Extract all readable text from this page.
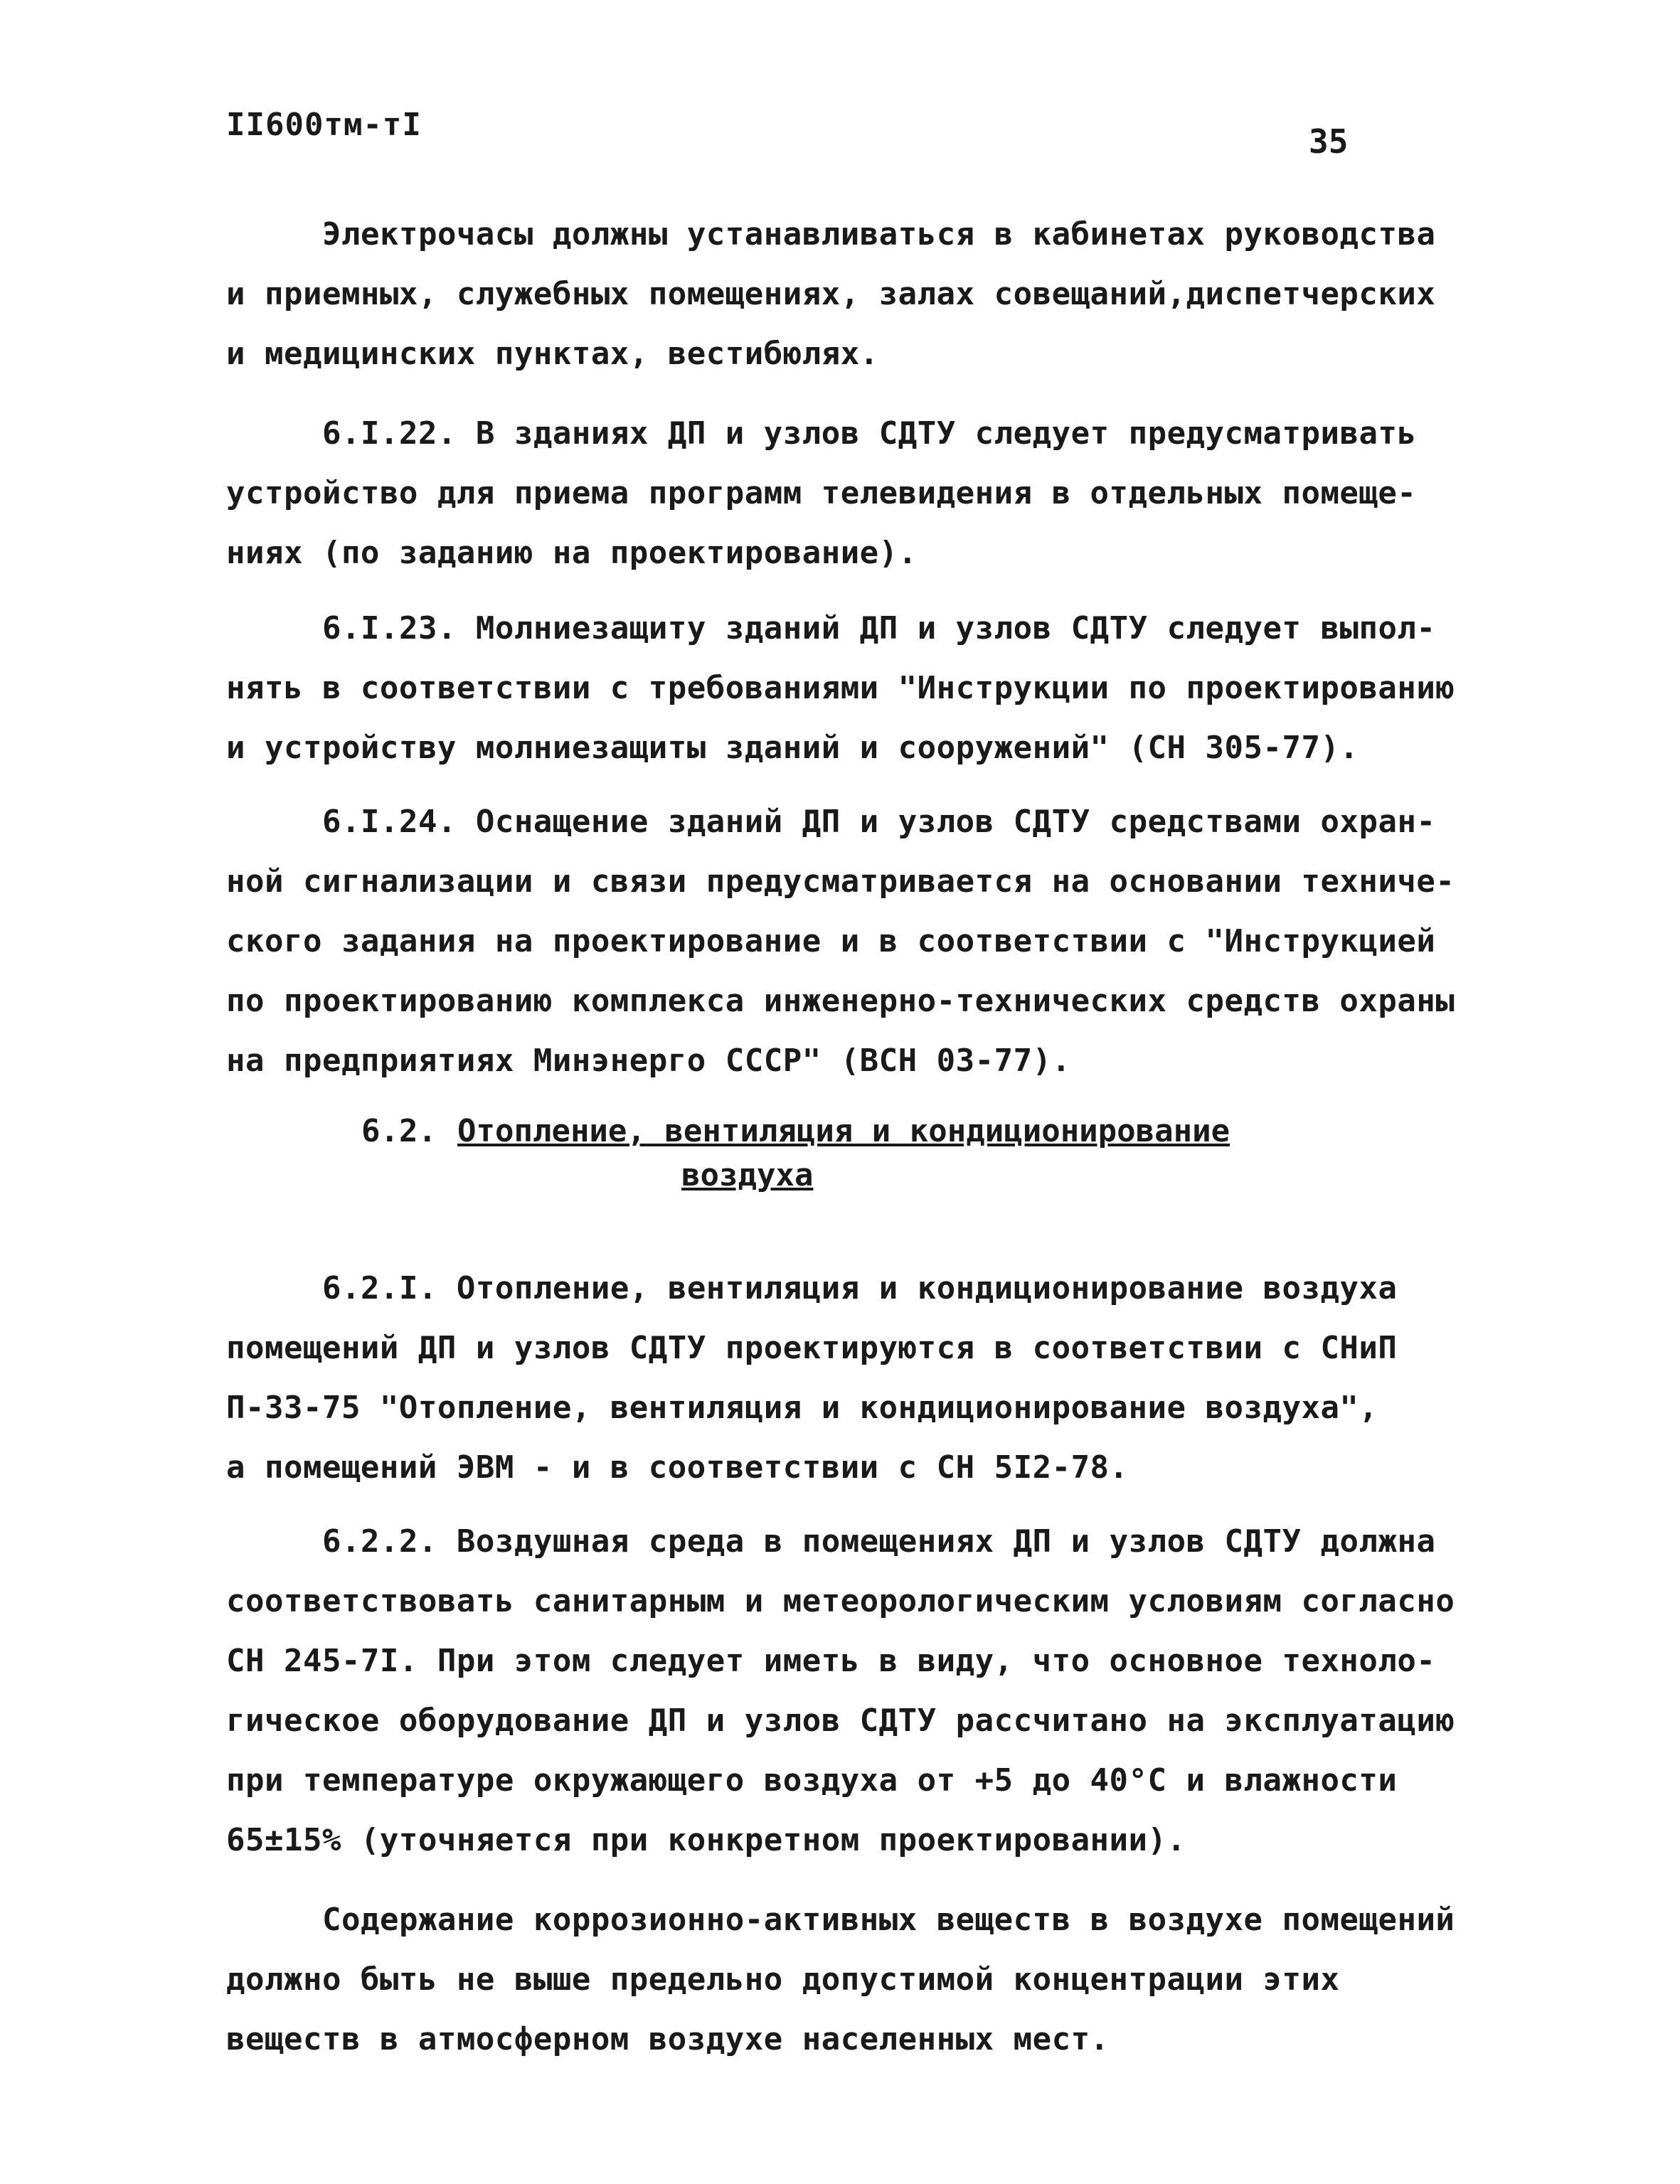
II600тм-тI	35
Электрочасы должны устанавливаться в кабинетах руководства
и приемных, служебных помещениях, залах совещаний,диспетчерских
и медицинских пунктах, вестибюлях.
6.I.22. В зданиях ДП и узлов СДТУ следует предусматривать
устройство для приема программ телевидения в отдельных помеще-
ниях (по заданию на проектирование).
6.I.23. Молниезащиту зданий ДП и узлов СДТУ следует выпол-
нять в соответствии с требованиями "Инструкции по проектированию
и устройству молниезащиты зданий и сооружений" (СН 305-77).
6.I.24. Оснащение зданий ДП и узлов СДТУ средствами охран-
ной сигнализации и связи предусматривается на основании техниче-
ского задания на проектирование и в соответствии с "Инструкцией
по проектированию комплекса инженерно-технических средств охраны
на предприятиях Минэнерго СССР" (ВСН 03-77).
6.2. Отопление, вентиляция и кондиционирование
воздуха
6.2.I. Отопление, вентиляция и кондиционирование воздуха
помещений ДП и узлов СДТУ проектируются в соответствии с СНиП
П-33-75 "Отопление, вентиляция и кондиционирование воздуха",
а помещений ЭВМ - и в соответствии с СН 5I2-78.
6.2.2. Воздушная среда в помещениях ДП и узлов СДТУ должна
соответствовать санитарным и метеорологическим условиям согласно
СН 245-7I. При этом следует иметь в виду, что основное техноло-
гическое оборудование ДП и узлов СДТУ рассчитано на эксплуатацию
при температуре окружающего воздуха от +5 до 40°С и влажности
65±15% (уточняется при конкретном проектировании).
Содержание коррозионно-активных веществ в воздухе помещений
должно быть не выше предельно допустимой концентрации этих
веществ в атмосферном воздухе населенных мест.
